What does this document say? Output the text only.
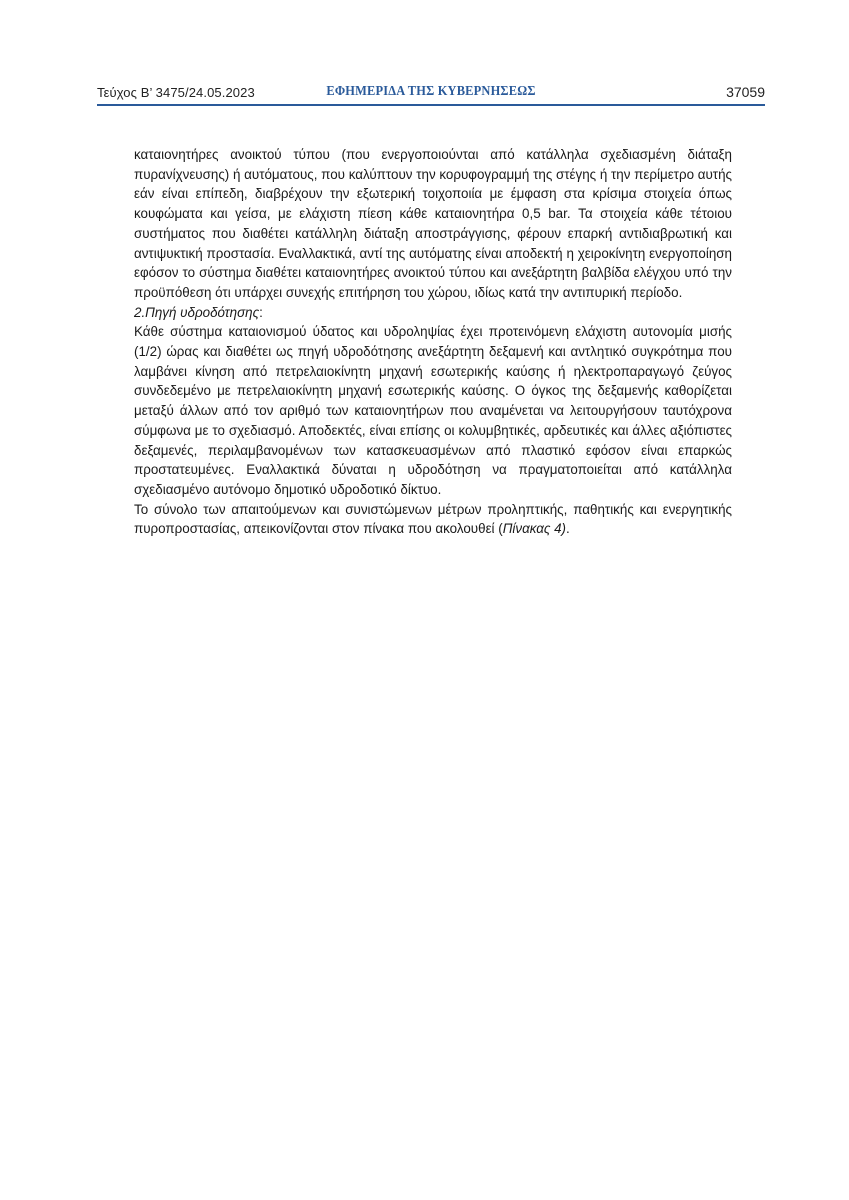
Τεύχος Β’ 3475/24.05.2023	ΕΦΗΜΕΡΙΔΑ ΤΗΣ ΚΥΒΕΡΝΗΣΕΩΣ	37059

καταιονητήρες ανοικτού τύπου (που ενεργοποιούνται από κατάλληλα σχεδιασμένη διάταξη πυρανίχνευσης) ή αυτόματους, που καλύπτουν την κορυφογραμμή της στέγης ή την περίμετρο αυτής εάν είναι επίπεδη, διαβρέχουν την εξωτερική τοιχοποιία με έμφαση στα κρίσιμα στοιχεία όπως κουφώματα και γείσα, με ελάχιστη πίεση κάθε καταιονητήρα 0,5 bar. Τα στοιχεία κάθε τέτοιου συστήματος που διαθέτει κατάλληλη διάταξη αποστράγγισης, φέρουν επαρκή αντιδιαβρωτική και αντιψυκτική προστασία. Εναλλακτικά, αντί της αυτόματης είναι αποδεκτή η χειροκίνητη ενεργοποίηση εφόσον το σύστημα διαθέτει καταιονητήρες ανοικτού τύπου και ανεξάρτητη βαλβίδα ελέγχου υπό την προϋπόθεση ότι υπάρχει συνεχής επιτήρηση του χώρου, ιδίως κατά την αντιπυρική περίοδο.

2.Πηγή υδροδότησης:

Κάθε σύστημα καταιονισμού ύδατος και υδροληψίας έχει προτεινόμενη ελάχιστη αυτονομία μισής (1/2) ώρας και διαθέτει ως πηγή υδροδότησης ανεξάρτητη δεξαμενή και αντλητικό συγκρότημα που λαμβάνει κίνηση από πετρελαιοκίνητη μηχανή εσωτερικής καύσης ή ηλεκτροπαραγωγό ζεύγος συνδεδεμένο με πετρελαιοκίνητη μηχανή εσωτερικής καύσης. Ο όγκος της δεξαμενής καθορίζεται μεταξύ άλλων από τον αριθμό των καταιονητήρων που αναμένεται να λειτουργήσουν ταυτόχρονα σύμφωνα με το σχεδιασμό. Αποδεκτές, είναι επίσης οι κολυμβητικές, αρδευτικές και άλλες αξιόπιστες δεξαμενές, περιλαμβανομένων των κατασκευασμένων από πλαστικό εφόσον είναι επαρκώς προστατευμένες. Εναλλακτικά δύναται η υδροδότηση να πραγματοποιείται από κατάλληλα σχεδιασμένο αυτόνομο δημοτικό υδροδοτικό δίκτυο.

Το σύνολο των απαιτούμενων και συνιστώμενων μέτρων προληπτικής, παθητικής και ενεργητικής πυροπροστασίας, απεικονίζονται στον πίνακα που ακολουθεί (Πίνακας 4).
